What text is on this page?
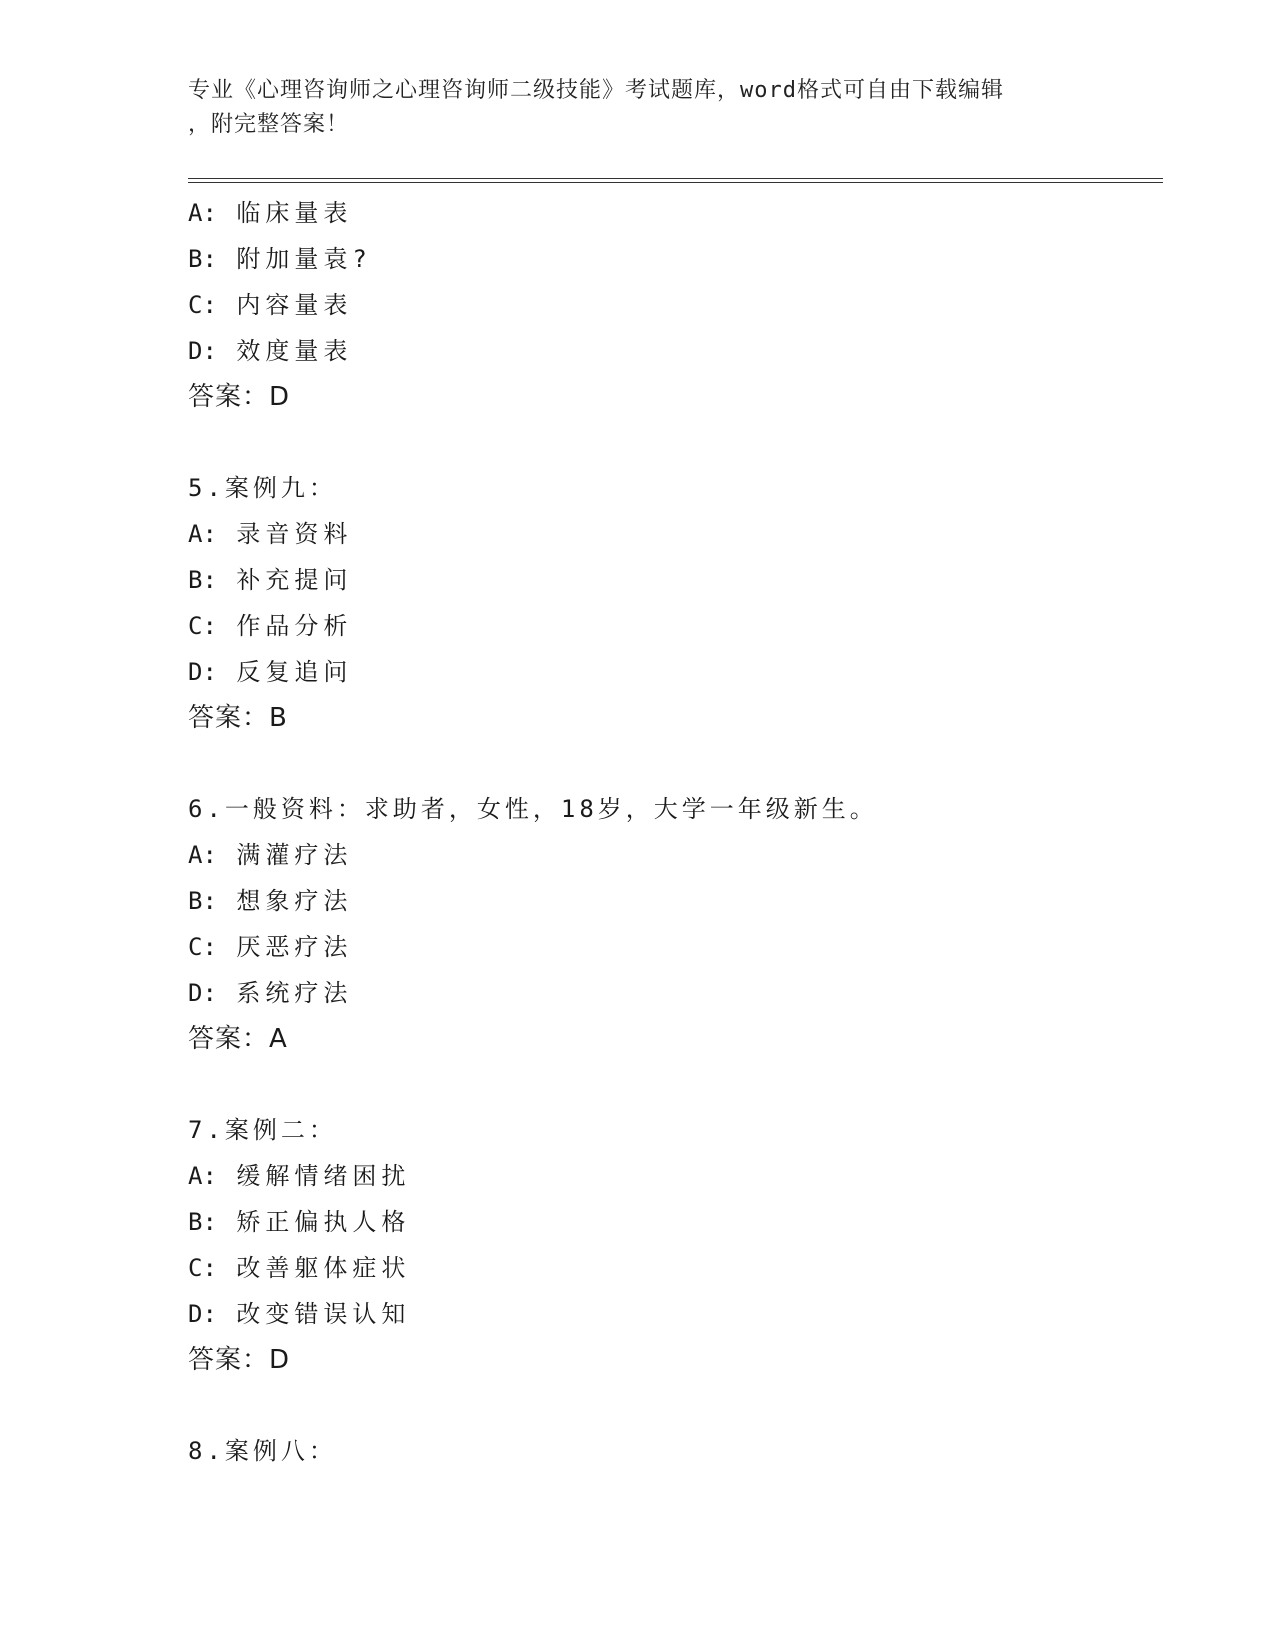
专业《心理咨询师之心理咨询师二级技能》考试题库，word格式可自由下载编辑
，附完整答案！
A: 临床量表
B: 附加量袁?
C: 内容量表
D: 效度量表
答案：D
5.案例九：
A: 录音资料
B: 补充提问
C: 作品分析
D: 反复追问
答案：B
6.一般资料：求助者，女性，18岁，大学一年级新生。
A: 满灌疗法
B: 想象疗法
C: 厌恶疗法
D: 系统疗法
答案：A
7.案例二：
A: 缓解情绪困扰
B: 矫正偏执人格
C: 改善躯体症状
D: 改变错误认知
答案：D
8.案例八：
